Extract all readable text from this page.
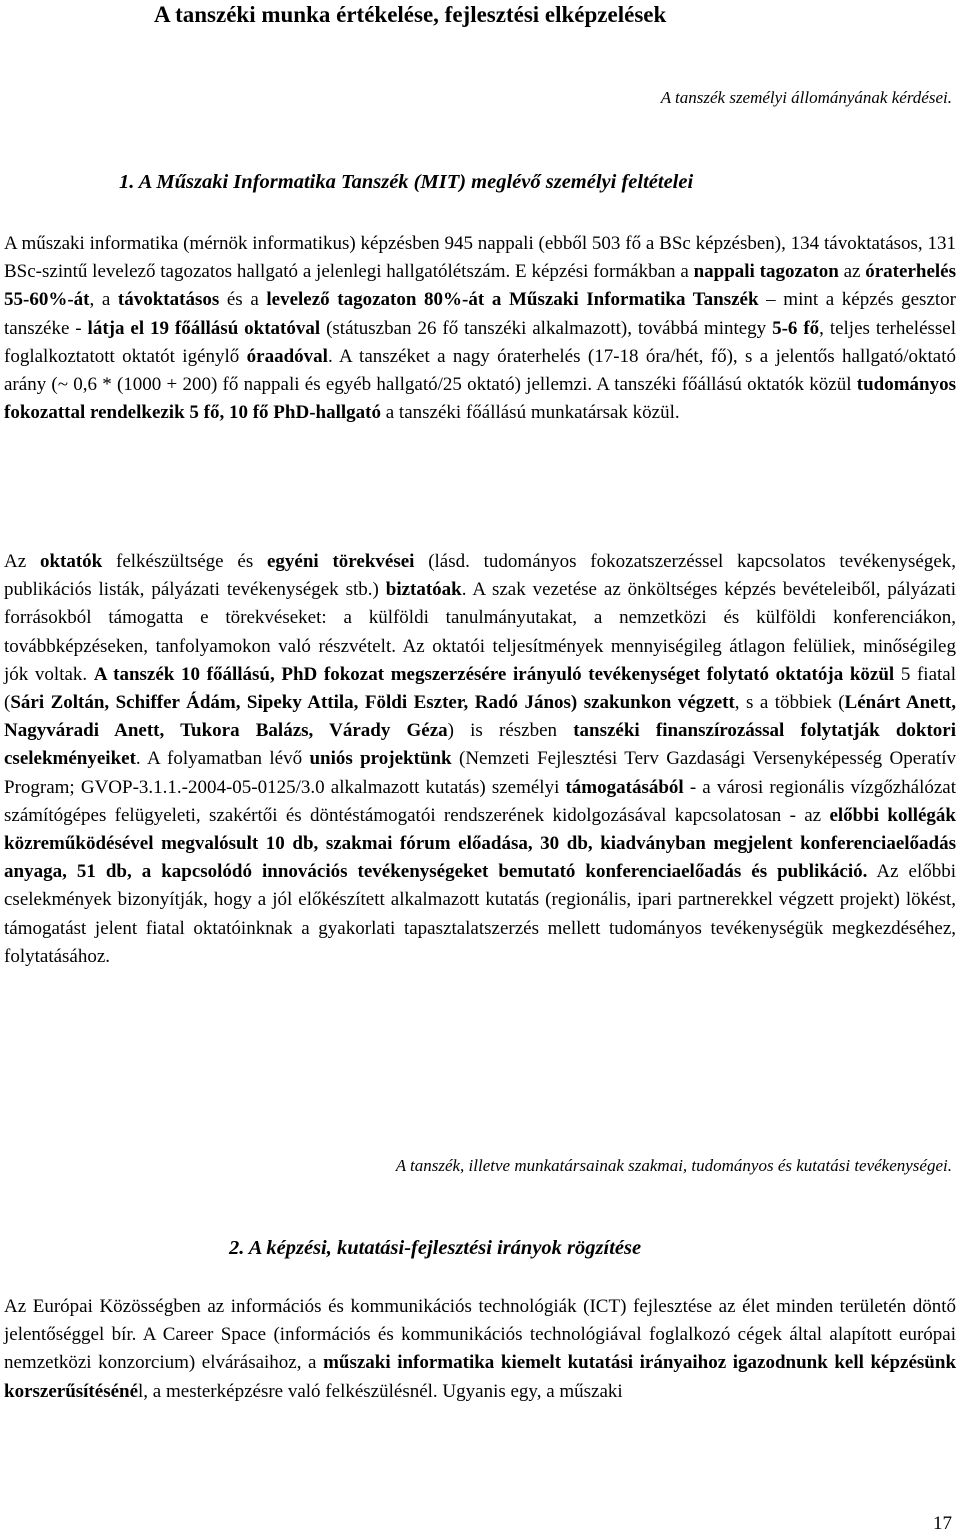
A tanszéki munka értékelése, fejlesztési elképzelések

A tanszék személyi állományának kérdései.

1. A Műszaki Informatika Tanszék (MIT) meglévő személyi feltételei

A műszaki informatika (mérnök informatikus) képzésben 945 nappali (ebből 503 fő a BSc képzésben), 134 távoktatásos, 131 BSc-szintű levelező tagozatos hallgató a jelenlegi hallgatólétszám. E képzési formákban a nappali tagozaton az óraterhelés 55-60%-át, a távoktatásos és a levelező tagozaton 80%-át a Műszaki Informatika Tanszék – mint a képzés gesztor tanszéke - látja el 19 főállású oktatóval (státuszban 26 fő tanszéki alkalmazott), továbbá mintegy 5-6 fő, teljes terheléssel foglalkoztatott oktatót igénylő óraadóval. A tanszéket a nagy óraterhelés (17-18 óra/hét, fő), s a jelentős hallgató/oktató arány (~ 0,6 * (1000 + 200) fő nappali és egyéb hallgató/25 oktató) jellemzi. A tanszéki főállású oktatók közül tudományos fokozattal rendelkezik 5 fő, 10 fő PhD-hallgató a tanszéki főállású munkatársak közül.

Az oktatók felkészültsége és egyéni törekvései (lásd. tudományos fokozatszerzéssel kapcsolatos tevékenységek, publikációs listák, pályázati tevékenységek stb.) biztatóak. A szak vezetése az önköltséges képzés bevételeiből, pályázati forrásokból támogatta e törekvéseket: a külföldi tanulmányutakat, a nemzetközi és külföldi konferenciákon, továbbképzéseken, tanfolyamokon való részvételt. Az oktatói teljesítmények mennyiségileg átlagon felüliek, minőségileg jók voltak. A tanszék 10 főállású, PhD fokozat megszerzésére irányuló tevékenységet folytató oktatója közül 5 fiatal (Sári Zoltán, Schiffer Ádám, Sipeky Attila, Földi Eszter, Radó János) szakunkon végzett, s a többiek (Lénárt Anett, Nagyváradi Anett, Tukora Balázs, Várady Géza) is részben tanszéki finanszírozással folytatják doktori cselekményeiket. A folyamatban lévő uniós projektünk (Nemzeti Fejlesztési Terv Gazdasági Versenyképesség Operatív Program; GVOP-3.1.1.-2004-05-0125/3.0 alkalmazott kutatás) személyi támogatásából - a városi regionális vízgőzhálózat számítógépes felügyeleti, szakértői és döntéstámogatói rendszerének kidolgozásával kapcsolatosan - az előbbi kollégák közreműködésével megvalósult 10 db, szakmai fórum előadása, 30 db, kiadványban megjelent konferenciaelőadás anyaga, 51 db, a kapcsolódó innovációs tevékenységeket bemutató konferenciaelőadás és publikáció. Az előbbi cselekmények bizonyítják, hogy a jól előkészített alkalmazott kutatás (regionális, ipari partnerekkel végzett projekt) lökést, támogatást jelent fiatal oktatóinknak a gyakorlati tapasztalatszerzés mellett tudományos tevékenységük megkezdéséhez, folytatásához.

A tanszék, illetve munkatársainak szakmai, tudományos és kutatási tevékenységei.

2. A képzési, kutatási-fejlesztési irányok rögzítése

Az Európai Közösségben az információs és kommunikációs technológiák (ICT) fejlesztése az élet minden területén döntő jelentőséggel bír. A Career Space (információs és kommunikációs technológiával foglalkozó cégek által alapított európai nemzetközi konzorcium) elvárásaihoz, a műszaki informatika kiemelt kutatási irányaihoz igazodnunk kell képzésünk korszerűsítésénél, a mesterképzésre való felkészülésnél. Ugyanis egy, a műszaki

17
